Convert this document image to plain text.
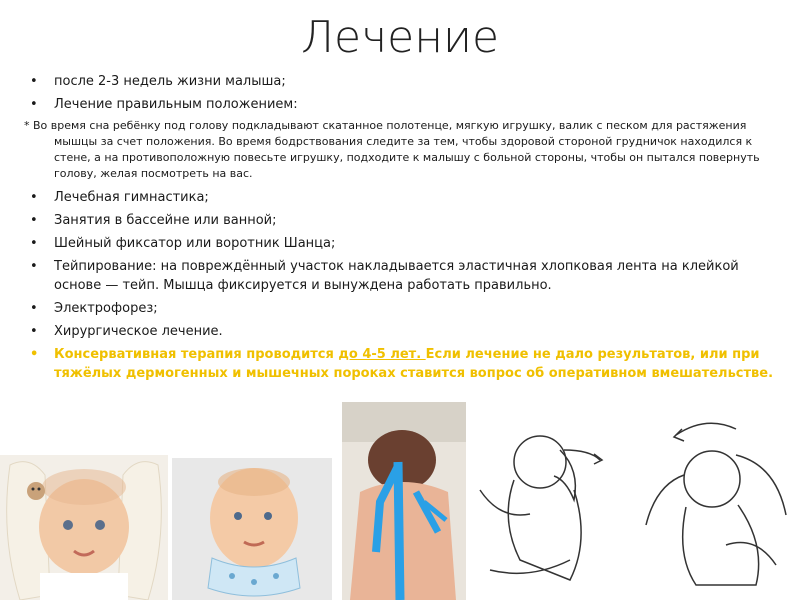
Лечение
• после 2-3 недель жизни малыша;
• Лечение правильным положением:
* Во время сна ребёнку под голову подкладывают скатанное полотенце, мягкую игрушку, валик с песком для растяжения мышцы за счет положения. Во время бодрствования следите за тем, чтобы здоровой стороной грудничок находился к стене, а на противоположную повесьте игрушку, подходите к малышу с больной стороны, чтобы он пытался повернуть голову, желая посмотреть на вас.
• Лечебная гимнастика;
• Занятия в бассейне или ванной;
• Шейный фиксатор или воротник Шанца;
• Тейпирование: на повреждённый участок накладывается эластичная хлопковая лента на клейкой основе — тейп. Мышца фиксируется и вынуждена работать правильно.
• Электрофорез;
• Хирургическое лечение.
• Консервативная терапия проводится до 4-5 лет. Если лечение не дало результатов, или при тяжёлых дермогенных и мышечных пороках ставится вопрос об оперативном вмешательстве.
